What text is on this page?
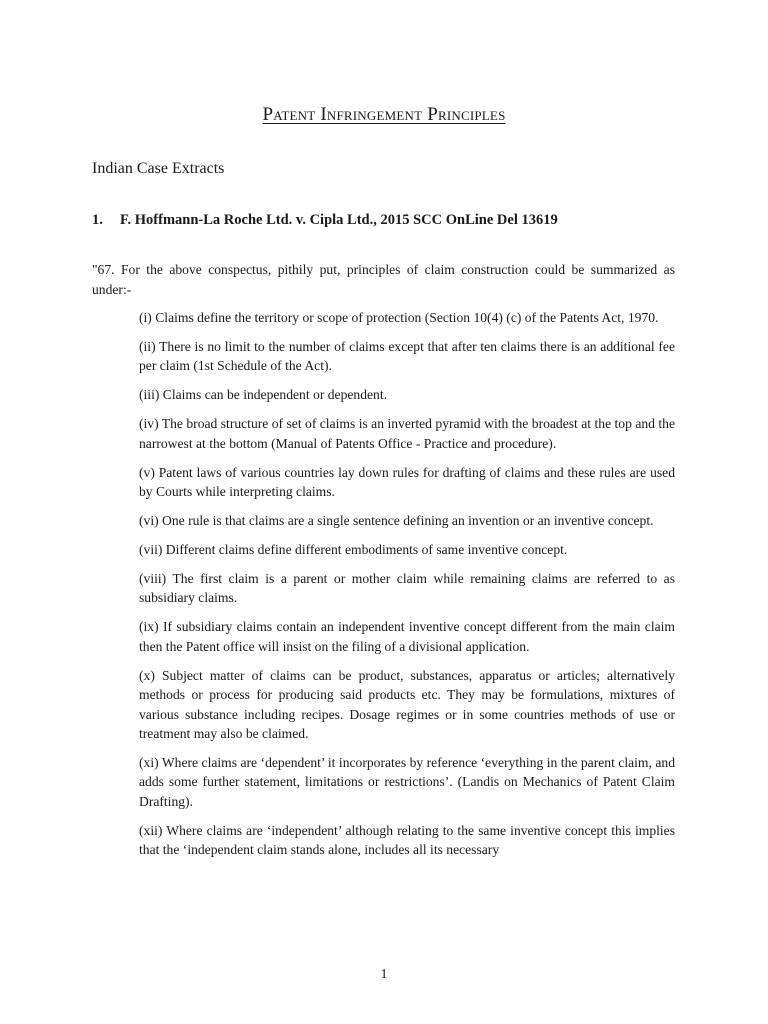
Patent Infringement Principles
Indian Case Extracts
1. F. Hoffmann-La Roche Ltd. v. Cipla Ltd., 2015 SCC OnLine Del 13619

"67. For the above conspectus, pithily put, principles of claim construction could be summarized as under:-

(i) Claims define the territory or scope of protection (Section 10(4) (c) of the Patents Act, 1970.
(ii) There is no limit to the number of claims except that after ten claims there is an additional fee per claim (1st Schedule of the Act).
(iii) Claims can be independent or dependent.
(iv) The broad structure of set of claims is an inverted pyramid with the broadest at the top and the narrowest at the bottom (Manual of Patents Office - Practice and procedure).
(v) Patent laws of various countries lay down rules for drafting of claims and these rules are used by Courts while interpreting claims.
(vi) One rule is that claims are a single sentence defining an invention or an inventive concept.
(vii) Different claims define different embodiments of same inventive concept.
(viii) The first claim is a parent or mother claim while remaining claims are referred to as subsidiary claims.
(ix) If subsidiary claims contain an independent inventive concept different from the main claim then the Patent office will insist on the filing of a divisional application.
(x) Subject matter of claims can be product, substances, apparatus or articles; alternatively methods or process for producing said products etc. They may be formulations, mixtures of various substance including recipes. Dosage regimes or in some countries methods of use or treatment may also be claimed.
(xi) Where claims are ‘dependent’ it incorporates by reference ‘everything in the parent claim, and adds some further statement, limitations or restrictions’. (Landis on Mechanics of Patent Claim Drafting).
(xii) Where claims are ‘independent’ although relating to the same inventive concept this implies that the ‘independent claim stands alone, includes all its necessary

1
